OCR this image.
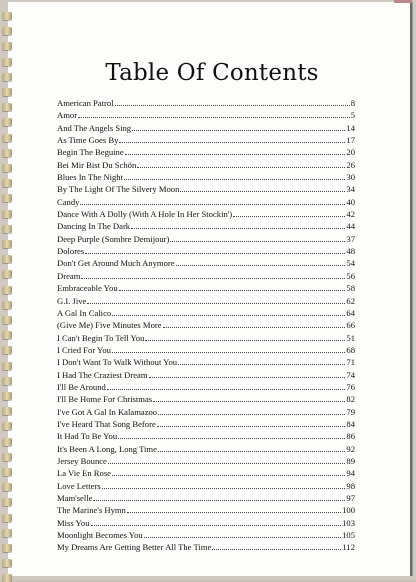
Table Of Contents
American Patrol	8
Amor	5
And The Angels Sing	14
As Time Goes By	17
Begin The Beguine	20
Bei Mir Bist Du Schön	26
Blues In The Night	30
By The Light Of The Silvery Moon	34
Candy	40
Dance With A Dolly (With A Hole In Her Stockin')	42
Dancing In The Dark	44
Deep Purple (Sombre Demijour)	37
Dolores	48
Don't Get Around Much Anymore	54
Dream	56
Embraceable You	58
G.I. Jive	62
A Gal In Calico	64
(Give Me) Five Minutes More	66
I Can't Begin To Tell You	51
I Cried For You	68
I Don't Want To Walk Without You	71
I Had The Craziest Dream	74
I'll Be Around	76
I'll Be Home For Christmas	82
I've Got A Gal In Kalamazoo	79
I've Heard That Song Before	84
It Had To Be You	86
It's Been A Long, Long Time	92
Jersey Bounce	89
La Vie En Rose	94
Love Letters	98
Mam'selle	97
The Marine's Hymn	100
Miss You	103
Moonlight Becomes You	105
My Dreams Are Getting Better All The Time	112
